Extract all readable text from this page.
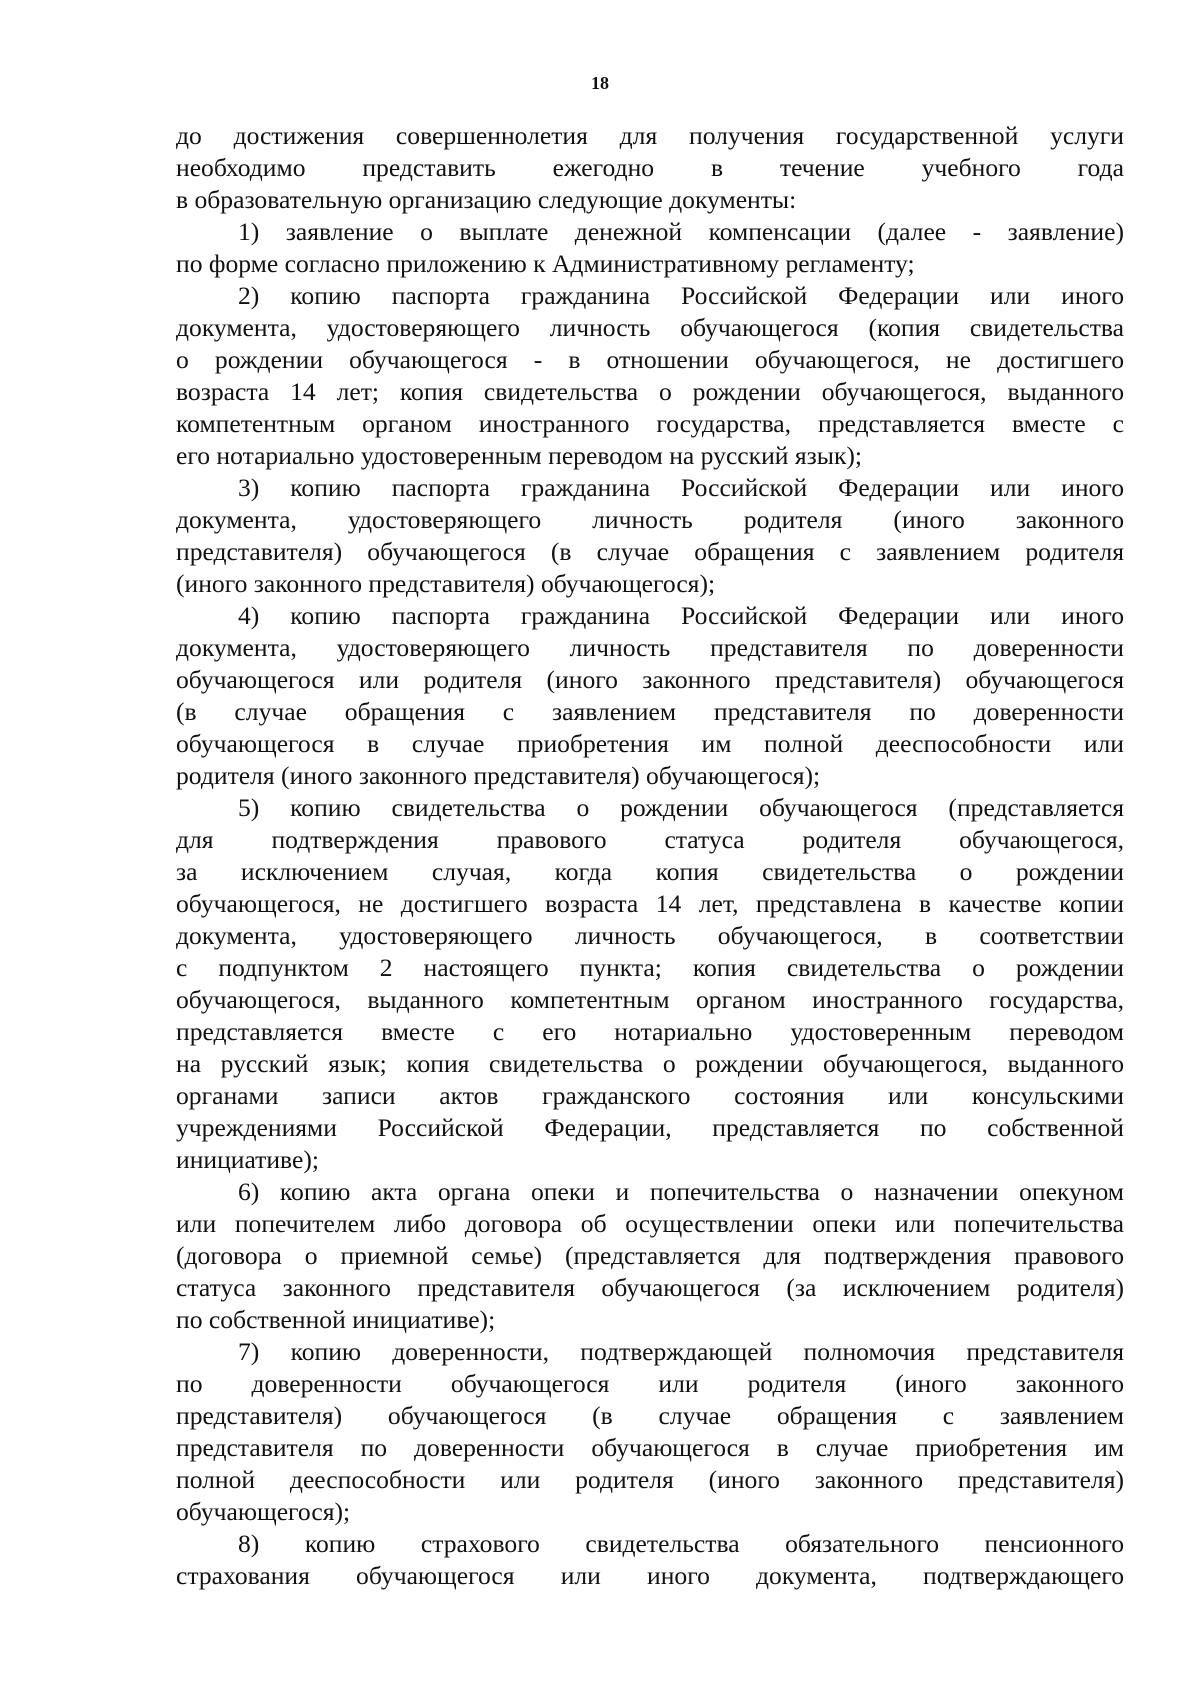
18
до достижения совершеннолетия для получения государственной услуги
необходимо представить ежегодно в течение учебного года
в образовательную организацию следующие документы:
1) заявление о выплате денежной компенсации (далее - заявление)
по форме согласно приложению к Административному регламенту;
2) копию паспорта гражданина Российской Федерации или иного
документа, удостоверяющего личность обучающегося (копия свидетельства
о рождении обучающегося - в отношении обучающегося, не достигшего
возраста 14 лет; копия свидетельства о рождении обучающегося, выданного
компетентным органом иностранного государства, представляется вместе с
его нотариально удостоверенным переводом на русский язык);
3) копию паспорта гражданина Российской Федерации или иного
документа, удостоверяющего личность родителя (иного законного
представителя) обучающегося (в случае обращения с заявлением родителя
(иного законного представителя) обучающегося);
4) копию паспорта гражданина Российской Федерации или иного
документа, удостоверяющего личность представителя по доверенности
обучающегося или родителя (иного законного представителя) обучающегося
(в случае обращения с заявлением представителя по доверенности
обучающегося в случае приобретения им полной дееспособности или
родителя (иного законного представителя) обучающегося);
5) копию свидетельства о рождении обучающегося (представляется
для подтверждения правового статуса родителя обучающегося,
за исключением случая, когда копия свидетельства о рождении
обучающегося, не достигшего возраста 14 лет, представлена в качестве копии
документа, удостоверяющего личность обучающегося, в соответствии
с подпунктом 2 настоящего пункта; копия свидетельства о рождении
обучающегося, выданного компетентным органом иностранного государства,
представляется вместе с его нотариально удостоверенным переводом
на русский язык; копия свидетельства о рождении обучающегося, выданного
органами записи актов гражданского состояния или консульскими
учреждениями Российской Федерации, представляется по собственной
инициативе);
6) копию акта органа опеки и попечительства о назначении опекуном
или попечителем либо договора об осуществлении опеки или попечительства
(договора о приемной семье) (представляется для подтверждения правового
статуса законного представителя обучающегося (за исключением родителя)
по собственной инициативе);
7) копию доверенности, подтверждающей полномочия представителя
по доверенности обучающегося или родителя (иного законного
представителя) обучающегося (в случае обращения с заявлением
представителя по доверенности обучающегося в случае приобретения им
полной дееспособности или родителя (иного законного представителя)
обучающегося);
8) копию страхового свидетельства обязательного пенсионного
страхования обучающегося или иного документа, подтверждающего
